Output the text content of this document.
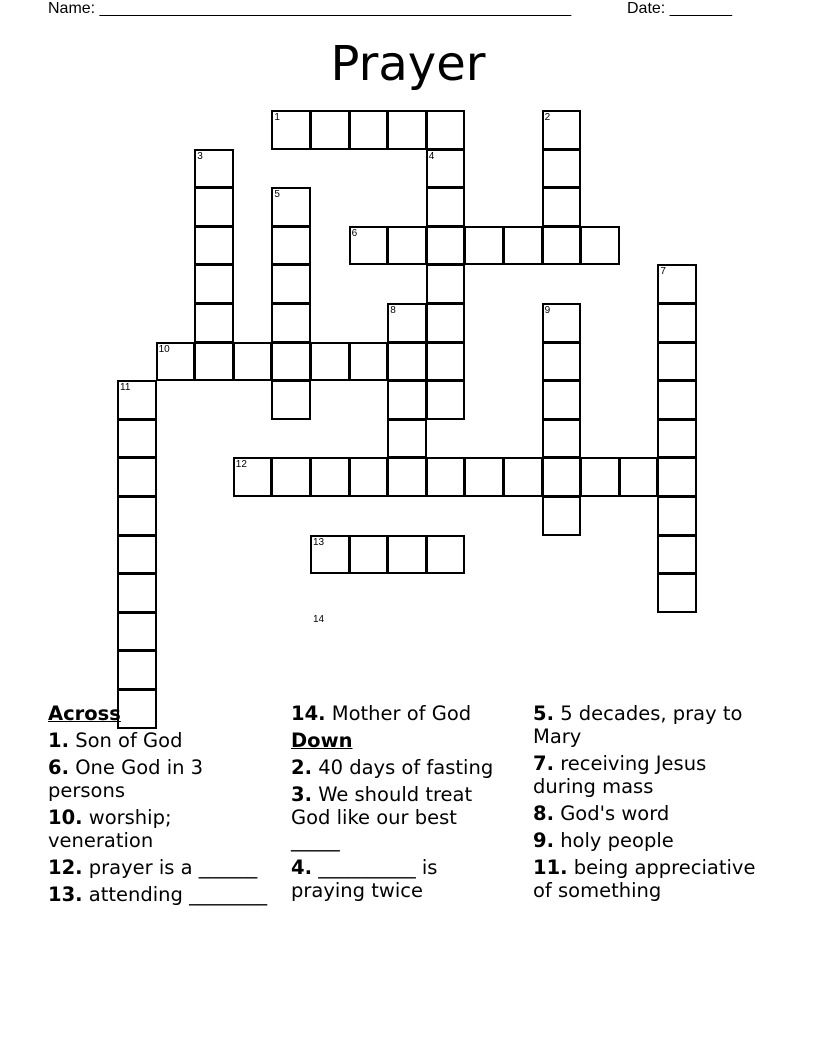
Name: _____________________________________________________	Date: _______
Prayer
1	2
3	4
5
6
7
8	9
10
11
12
13
14
Across
1. Son of God
6. One God in 3 persons
10. worship; veneration
12. prayer is a ______
13. attending ________
14. Mother of God
Down
2. 40 days of fasting
3. We should treat God like our best _____
4. __________ is praying twice
5. 5 decades, pray to Mary
7. receiving Jesus during mass
8. God's word
9. holy people
11. being appreciative of something
